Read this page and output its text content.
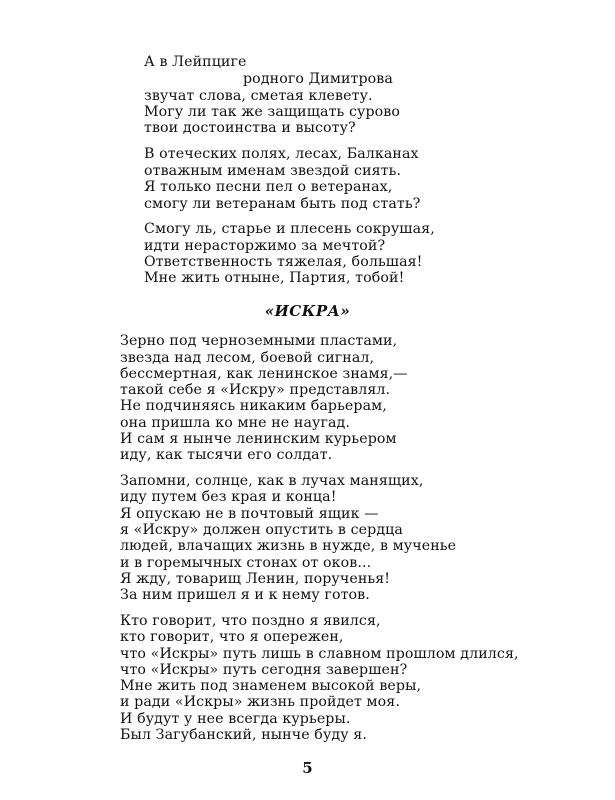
А в Лейпциге

родного Димитрова

звучат слова, сметая клевету.

Могу ли так же защищать сурово

твои достоинства и высоту?

В отеческих полях, лесах, Балканах

отважным именам звездой сиять.

Я только песни пел о ветеранах,

смогу ли ветеранам быть под стать?

Смогу ль, старье и плесень сокрушая,

идти нерасторжимо за мечтой?

Ответственность тяжелая, большая!

Мне жить отныне, Партия, тобой!

«ИСКРА»

Зерно под черноземными пластами,

звезда над лесом, боевой сигнал,

бессмертная, как ленинское знамя,—

такой себе я «Искру» представлял.

Не подчиняясь никаким барьерам,

она пришла ко мне не наугад.

И сам я нынче ленинским курьером

иду, как тысячи его солдат.

Запомни, солнце, как в лучах манящих,

иду путем без края и конца!

Я опускаю не в почтовый ящик —

я «Искру» должен опустить в сердца

людей, влачащих жизнь в нужде, в мученье

и в горемычных стонах от оков...

Я жду, товарищ Ленин, порученья!

За ним пришел я и к нему готов.

Кто говорит, что поздно я явился,

кто говорит, что я опережен,

что «Искры» путь лишь в славном прошлом длился,

что «Искры» путь сегодня завершен?

Мне жить под знаменем высокой веры,

и ради «Искры» жизнь пройдет моя.

И будут у нее всегда курьеры.

Был Загубанский, нынче буду я.

5
